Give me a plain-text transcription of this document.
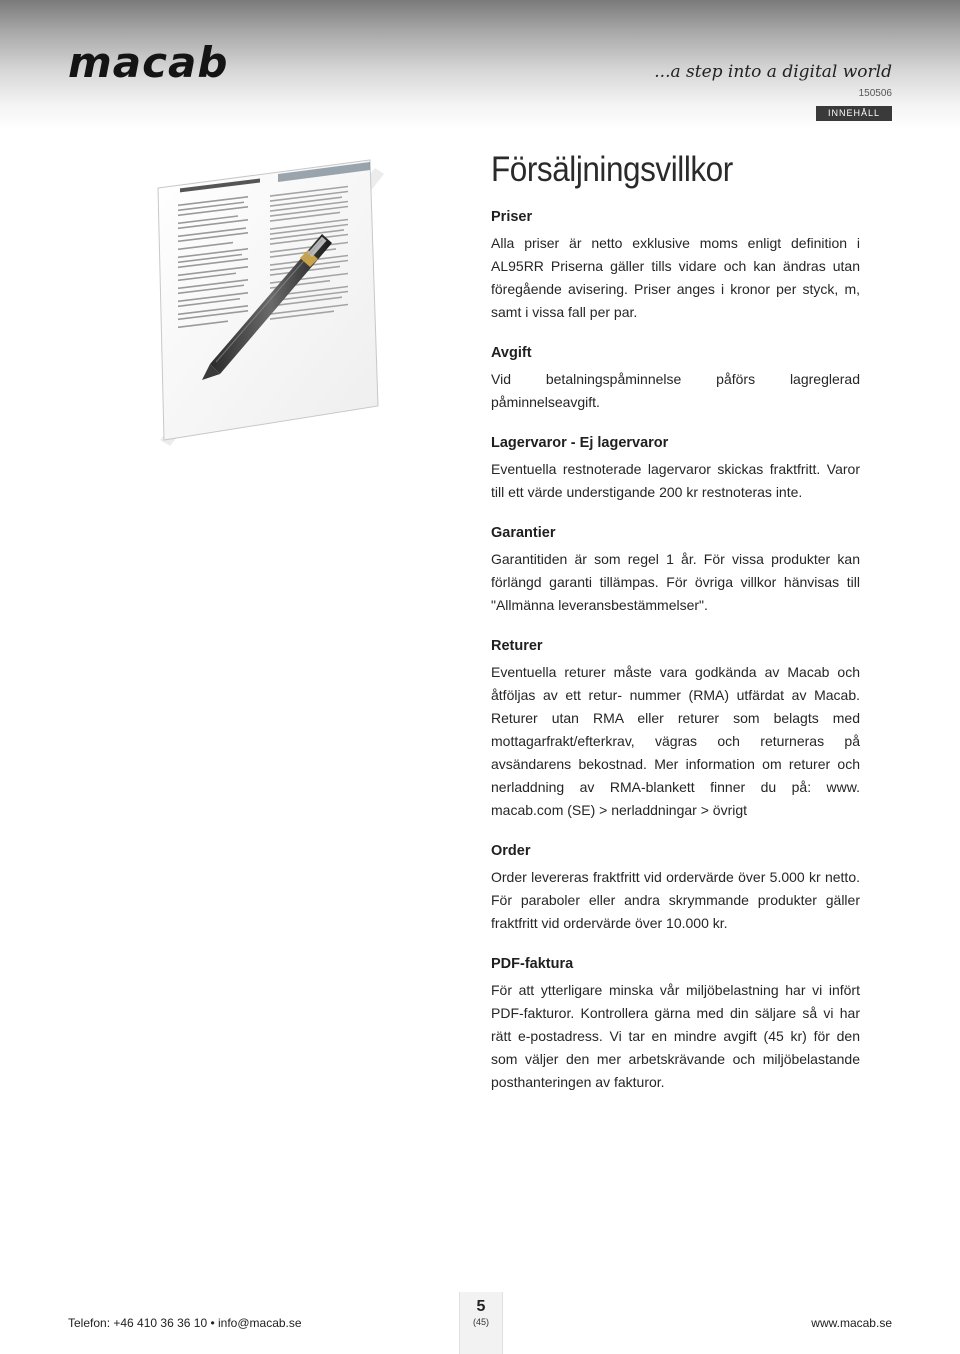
macab	...a step into a digital world
150506
INNEHÅLL
Försäljningsvillkor
Priser

Alla priser är netto exklusive moms enligt definition i AL95RR Priserna gäller tills vidare och kan ändras utan föregående avisering. Priser anges i kronor per styck, m, samt i vissa fall per par.

Avgift

Vid betalningspåminnelse påförs lagreglerad påminnelseavgift.

Lagervaror - Ej lagervaror

Eventuella restnoterade lagervaror skickas fraktfritt. Varor till ett värde understigande 200 kr restnoteras inte.

Garantier

Garantitiden är som regel 1 år. För vissa produkter kan förlängd garanti tillämpas. För övriga villkor hänvisas till "Allmänna leveransbestämmelser".

Returer

Eventuella returer måste vara godkända av Macab och åtföljas av ett retur- nummer (RMA) utfärdat av Macab. Returer utan RMA eller returer som belagts med mottagarfrakt/efterkrav, vägras och returneras på avsändarens bekostnad. Mer information om returer och nerladdning av RMA-blankett finner du på: www. macab.com (SE) > nerladdningar > övrigt

Order

Order levereras fraktfritt vid ordervärde över 5.000 kr netto. För paraboler eller andra skrymmande produkter gäller fraktfritt vid ordervärde över 10.000 kr.

PDF-faktura

För att ytterligare minska vår miljöbelastning har vi infört PDF-fakturor. Kontrollera gärna med din säljare så vi har rätt e-postadress. Vi tar en mindre avgift (45 kr) för den som väljer den mer arbetskrävande och miljöbelastande posthanteringen av fakturor.

Telefon: +46 410 36 36 10 • info@macab.se
5
(45)	www.macab.se
